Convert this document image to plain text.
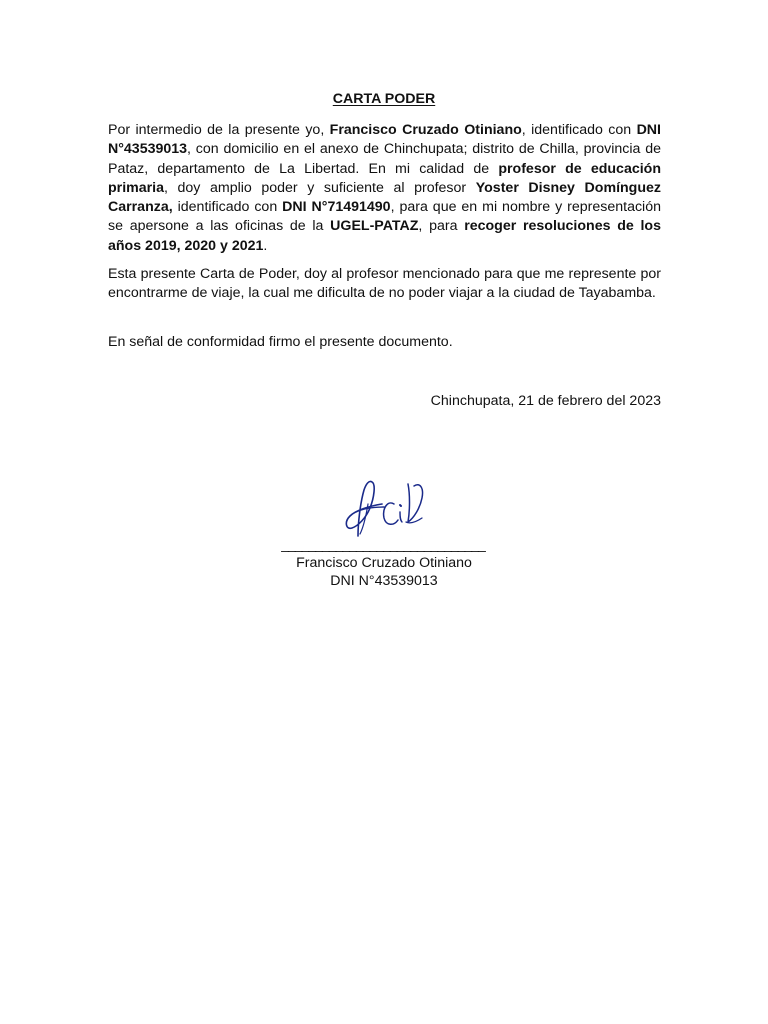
CARTA PODER

Por intermedio de la presente yo, Francisco Cruzado Otiniano, identificado con DNI N°43539013, con domicilio en el anexo de Chinchupata; distrito de Chilla, provincia de Pataz, departamento de La Libertad. En mi calidad de profesor de educación primaria, doy amplio poder y suficiente al profesor Yoster Disney Domínguez Carranza, identificado con DNI N°71491490, para que en mi nombre y representación se apersone a las oficinas de la UGEL-PATAZ, para recoger resoluciones de los años 2019, 2020 y 2021.

Esta presente Carta de Poder, doy al profesor mencionado para que me represente por encontrarme de viaje, la cual me dificulta de no poder viajar a la ciudad de Tayabamba.

En señal de conformidad firmo el presente documento.

Chinchupata, 21 de febrero del 2023

______________________________
Francisco Cruzado Otiniano
DNI N°43539013
